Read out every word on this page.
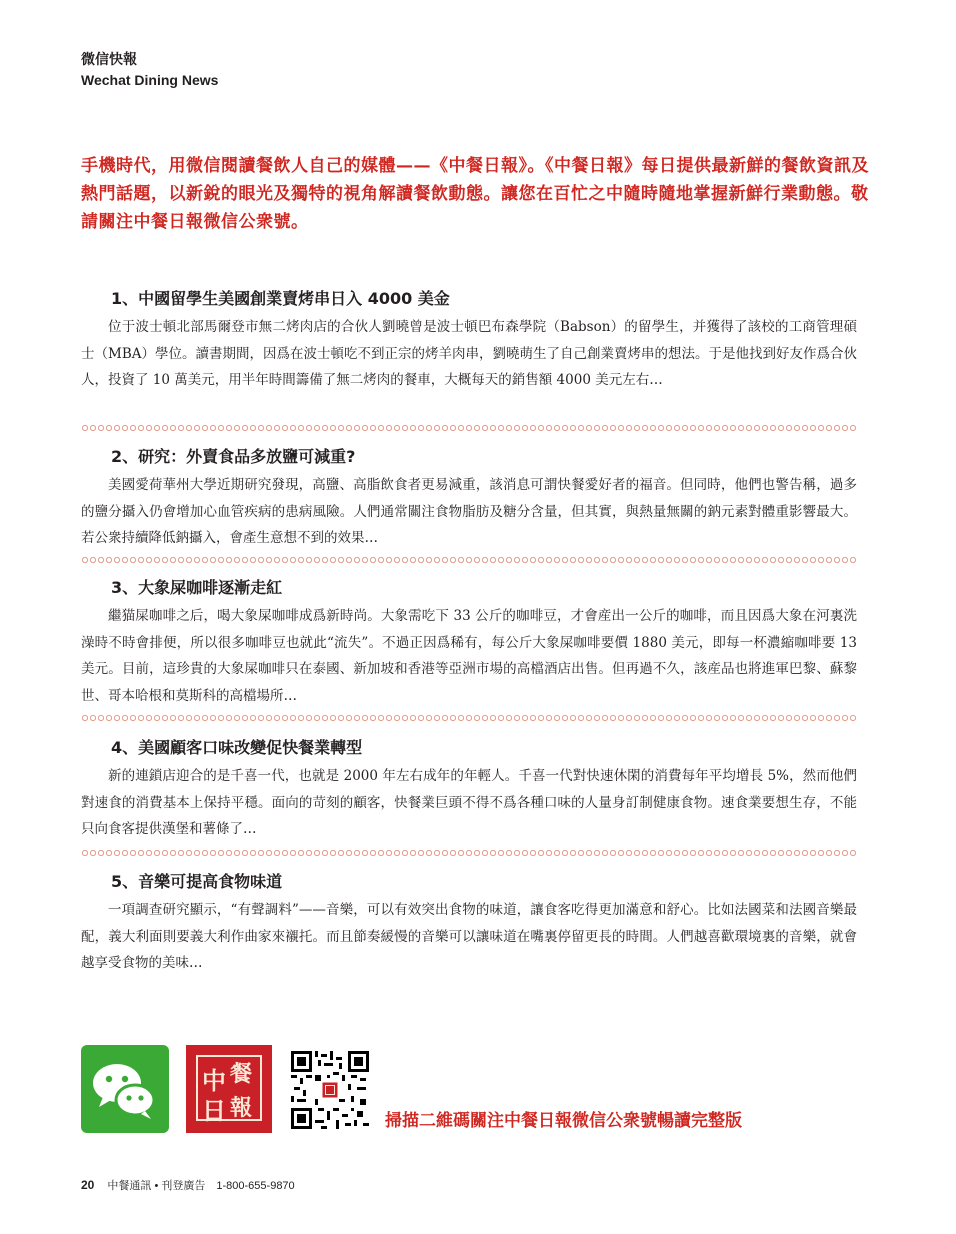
微信快報
Wechat Dining News
手機時代，用微信閱讀餐飲人自己的媒體——《中餐日報》。《中餐日報》每日提供最新鮮的餐飲資訊及熱門話題，以新銳的眼光及獨特的視角解讀餐飲動態。讓您在百忙之中隨時隨地掌握新鮮行業動態。敬請關注中餐日報微信公衆號。
1、中國留學生美國創業賣烤串日入 4000 美金
位于波士頓北部馬爾登市無二烤肉店的合伙人劉曉曾是波士頓巴布森學院（Babson）的留學生，并獲得了該校的工商管理碩士（MBA）學位。讀書期間，因爲在波士頓吃不到正宗的烤羊肉串，劉曉萌生了自己創業賣烤串的想法。于是他找到好友作爲合伙人，投資了 10 萬美元，用半年時間籌備了無二烤肉的餐車，大概每天的銷售額 4000 美元左右…
2、研究：外賣食品多放鹽可減重?
美國愛荷華州大學近期研究發現，高鹽、高脂飲食者更易減重，該消息可謂快餐愛好者的福音。但同時，他們也警告稱，過多的鹽分攝入仍會增加心血管疾病的患病風險。人們通常關注食物脂肪及糖分含量，但其實，與熱量無關的鈉元素對體重影響最大。若公衆持續降低鈉攝入，會產生意想不到的效果…
3、大象屎咖啡逐漸走紅
繼猫屎咖啡之后，喝大象屎咖啡成爲新時尚。大象需吃下 33 公斤的咖啡豆，才會産出一公斤的咖啡，而且因爲大象在河裏洗澡時不時會排便，所以很多咖啡豆也就此“流失”。不過正因爲稀有，每公斤大象屎咖啡要價 1880 美元，即每一杯濃縮咖啡要 13 美元。目前，這珍貴的大象屎咖啡只在泰國、新加坡和香港等亞洲市場的高檔酒店出售。但再過不久，該産品也將進軍巴黎、蘇黎世、哥本哈根和莫斯科的高檔場所…
4、美國顧客口味改變促快餐業轉型
新的連鎖店迎合的是千喜一代，也就是 2000 年左右成年的年輕人。千喜一代對快速休閑的消費每年平均增長 5%，然而他們對速食的消費基本上保持平穩。面向的苛刻的顧客，快餐業巨頭不得不爲各種口味的人量身訂制健康食物。速食業要想生存，不能只向食客提供漢堡和薯條了…
5、音樂可提高食物味道
一項調查研究顯示，“有聲調料”——音樂，可以有效突出食物的味道，讓食客吃得更加滿意和舒心。比如法國菜和法國音樂最配，義大利面則要義大利作曲家來襯托。而且節奏緩慢的音樂可以讓味道在嘴裏停留更長的時間。人們越喜歡環境裏的音樂，就會越享受食物的美味…
中 餐
日 報	掃描二維碼關注中餐日報微信公衆號暢讀完整版
20 中餐通訊 • 刊登廣告　1-800-655-9870
